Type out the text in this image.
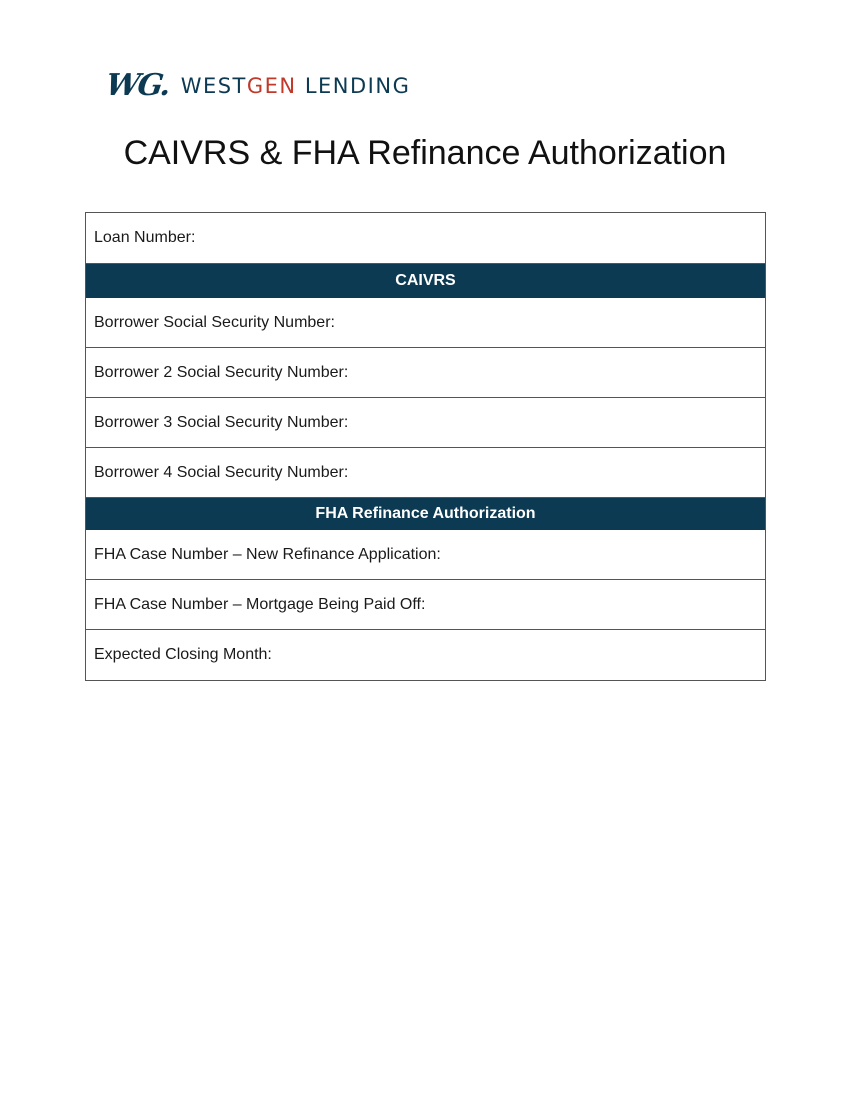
WG. WESTGEN LENDING
CAIVRS & FHA Refinance Authorization
Loan Number:
CAIVRS
Borrower Social Security Number:
Borrower 2 Social Security Number:
Borrower 3 Social Security Number:
Borrower 4 Social Security Number:
FHA Refinance Authorization
FHA Case Number – New Refinance Application:
FHA Case Number – Mortgage Being Paid Off:
Expected Closing Month:
